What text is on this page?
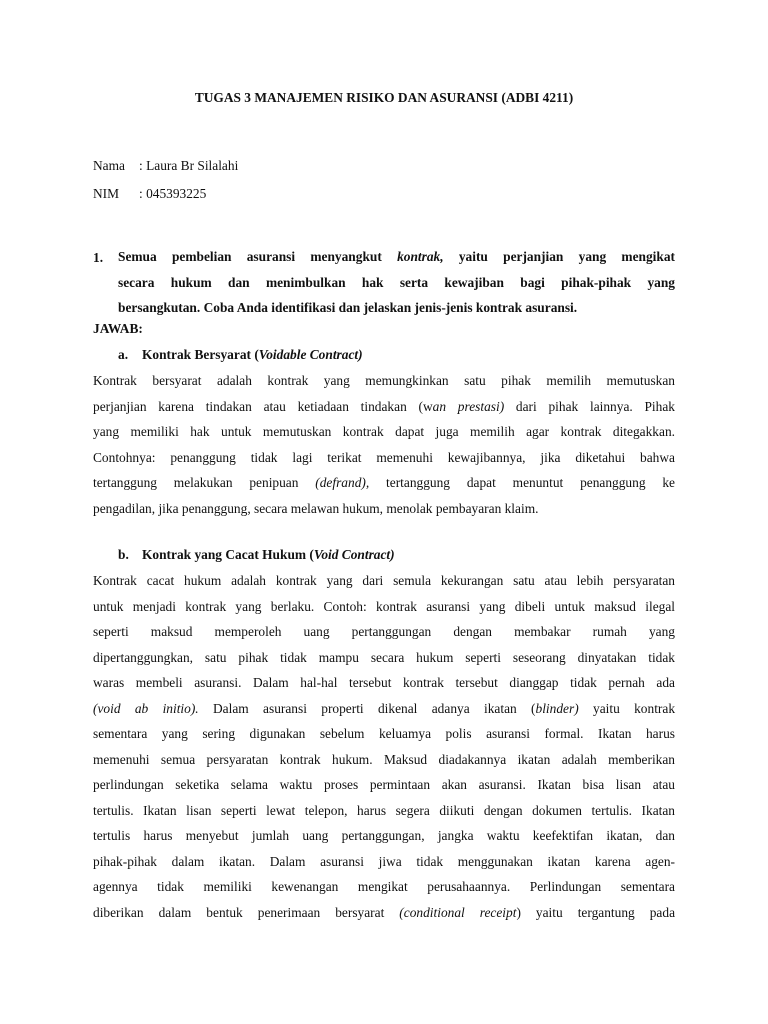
TUGAS 3 MANAJEMEN RISIKO DAN ASURANSI (ADBI 4211)
Nama : Laura Br Silalahi
NIM : 045393225
1. Semua pembelian asuransi menyangkut kontrak, yaitu perjanjian yang mengikat
secara hukum dan menimbulkan hak serta kewajiban bagi pihak-pihak yang
bersangkutan. Coba Anda identifikasi dan jelaskan jenis-jenis kontrak asuransi.
JAWAB:
a. Kontrak Bersyarat (Voidable Contract)
Kontrak bersyarat adalah kontrak yang memungkinkan satu pihak memilih memutuskan
perjanjian karena tindakan atau ketiadaan tindakan (wan prestasi) dari pihak lainnya. Pihak
yang memiliki hak untuk memutuskan kontrak dapat juga memilih agar kontrak ditegakkan.
Contohnya: penanggung tidak lagi terikat memenuhi kewajibannya, jika diketahui bahwa
tertanggung melakukan penipuan (defrand), tertanggung dapat menuntut penanggung ke
pengadilan, jika penanggung, secara melawan hukum, menolak pembayaran klaim.
b. Kontrak yang Cacat Hukum (Void Contract)
Kontrak cacat hukum adalah kontrak yang dari semula kekurangan satu atau lebih persyaratan
untuk menjadi kontrak yang berlaku. Contoh: kontrak asuransi yang dibeli untuk maksud ilegal
seperti maksud memperoleh uang pertanggungan dengan membakar rumah yang
dipertanggungkan, satu pihak tidak mampu secara hukum seperti seseorang dinyatakan tidak
waras membeli asuransi. Dalam hal-hal tersebut kontrak tersebut dianggap tidak pernah ada
(void ab initio). Dalam asuransi properti dikenal adanya ikatan (blinder) yaitu kontrak
sementara yang sering digunakan sebelum keluamya polis asuransi formal. Ikatan harus
memenuhi semua persyaratan kontrak hukum. Maksud diadakannya ikatan adalah memberikan
perlindungan seketika selama waktu proses permintaan akan asuransi. Ikatan bisa lisan atau
tertulis. Ikatan lisan seperti lewat telepon, harus segera diikuti dengan dokumen tertulis. Ikatan
tertulis harus menyebut jumlah uang pertanggungan, jangka waktu keefektifan ikatan, dan
pihak-pihak dalam ikatan. Dalam asuransi jiwa tidak menggunakan ikatan karena agen-
agennya tidak memiliki kewenangan mengikat perusahaannya. Perlindungan sementara
diberikan dalam bentuk penerimaan bersyarat (conditional receipt) yaitu tergantung pada
